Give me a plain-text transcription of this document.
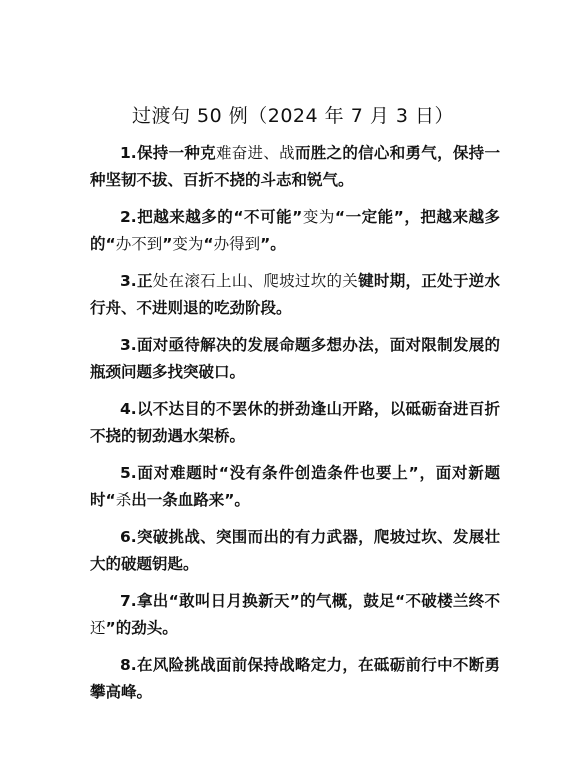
过渡句 50 例（2024 年 7 月 3 日）

1.保持一种克难奋进、战而胜之的信心和勇气，保持一种坚韧不拔、百折不挠的斗志和锐气。

2.把越来越多的“不可能”变为“一定能”，把越来越多的“办不到”变为“办得到”。

3.正处在滚石上山、爬坡过坎的关键时期，正处于逆水行舟、不进则退的吃劲阶段。

3.面对亟待解决的发展命题多想办法，面对限制发展的瓶颈问题多找突破口。

4.以不达目的不罢休的拼劲逢山开路，以砥砺奋进百折不挠的韧劲遇水架桥。

5.面对难题时“没有条件创造条件也要上”，面对新题时“杀出一条血路来”。

6.突破挑战、突围而出的有力武器，爬坡过坎、发展壮大的破题钥匙。

7.拿出“敢叫日月换新天”的气概，鼓足“不破楼兰终不还”的劲头。

8.在风险挑战面前保持战略定力，在砥砺前行中不断勇攀高峰。
